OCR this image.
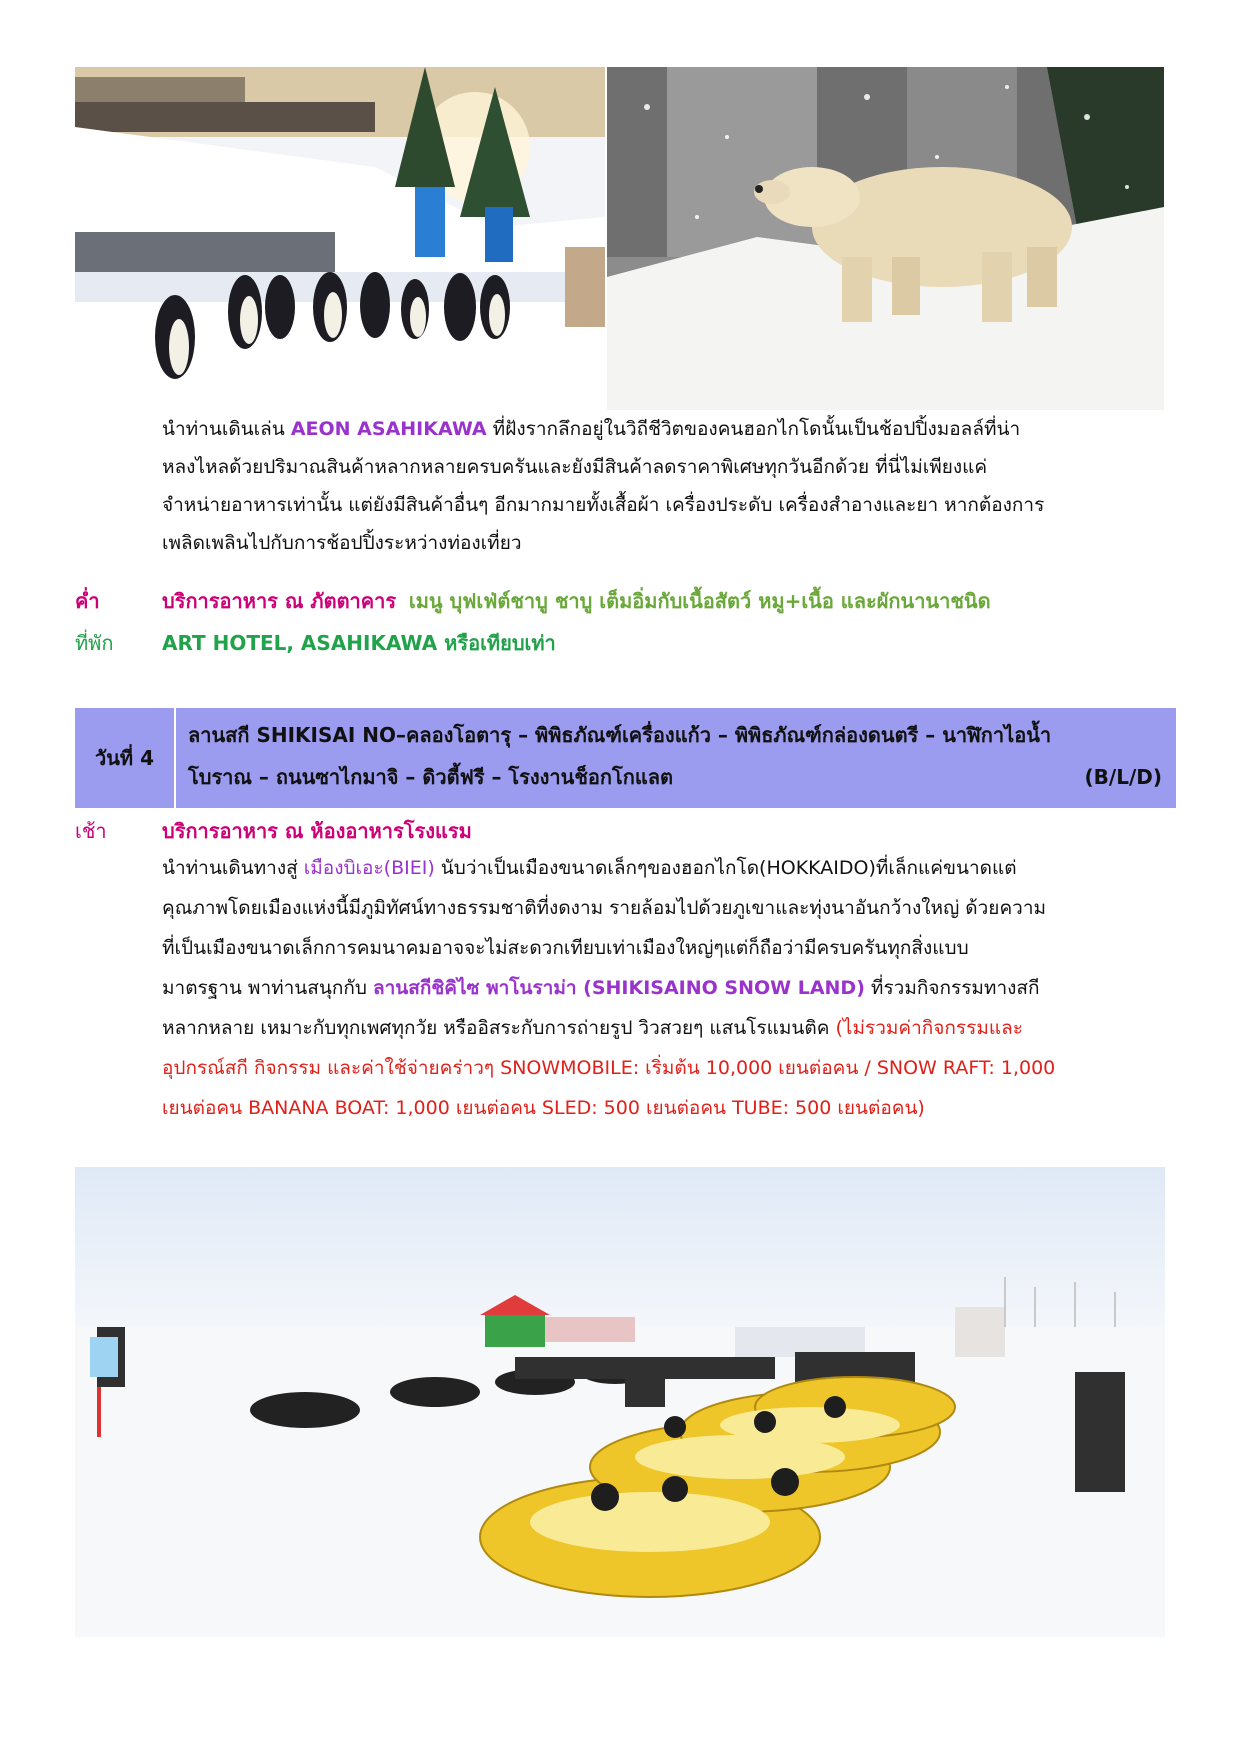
นำท่านเดินเล่น AEON ASAHIKAWA ที่ฝังรากลึกอยู่ในวิถีชีวิตของคนฮอกไกโดนั้นเป็นช้อปปิ้งมอลล์ที่น่า

หลงไหลด้วยปริมาณสินค้าหลากหลายครบครันและยังมีสินค้าลดราคาพิเศษทุกวันอีกด้วย ที่นี่ไม่เพียงแค่

จำหน่ายอาหารเท่านั้น แต่ยังมีสินค้าอื่นๆ อีกมากมายทั้งเสื้อผ้า เครื่องประดับ เครื่องสำอางและยา หากต้องการ

เพลิดเพลินไปกับการช้อปปิ้งระหว่างท่องเที่ยว

ค่ำ	บริการอาหาร ณ ภัตตาคาร เมนู บุฟเฟ่ต์ชาบู ชาบู เต็มอิ่มกับเนื้อสัตว์ หมู+เนื้อ และผักนานาชนิด
ที่พัก ART HOTEL, ASAHIKAWA หรือเทียบเท่า
วันที่ 4
ลานสกี SHIKISAI NO–คลองโอตารุ – พิพิธภัณฑ์เครื่องแก้ว – พิพิธภัณฑ์กล่องดนตรี – นาฬิกาไอน้ำ
โบราณ – ถนนซาไกมาจิ – ดิวตี้ฟรี – โรงงานช็อกโกแลต	(B/L/D)
เช้า	บริการอาหาร ณ ห้องอาหารโรงแรม

นำท่านเดินทางสู่ เมืองบิเอะ(BIEI) นับว่าเป็นเมืองขนาดเล็กๆของฮอกไกโด(HOKKAIDO)ที่เล็กแค่ขนาดแต่

คุณภาพโดยเมืองแห่งนี้มีภูมิทัศน์ทางธรรมชาติที่งดงาม รายล้อมไปด้วยภูเขาและทุ่งนาอันกว้างใหญ่ ด้วยความ

ที่เป็นเมืองขนาดเล็กการคมนาคมอาจจะไม่สะดวกเทียบเท่าเมืองใหญ่ๆแต่ก็ถือว่ามีครบครันทุกสิ่งแบบ

มาตรฐาน พาท่านสนุกกับ ลานสกีชิคิไซ พาโนราม่า (SHIKISAINO SNOW LAND) ที่รวมกิจกรรมทางสกี

หลากหลาย เหมาะกับทุกเพศทุกวัย หรืออิสระกับการถ่ายรูป วิวสวยๆ แสนโรแมนติค (ไม่รวมค่ากิจกรรมและ

อุปกรณ์สกี กิจกรรม และค่าใช้จ่ายคร่าวๆ SNOWMOBILE: เริ่มต้น 10,000 เยนต่อคน / SNOW RAFT: 1,000

เยนต่อคน BANANA BOAT: 1,000 เยนต่อคน SLED: 500 เยนต่อคน TUBE: 500 เยนต่อคน)
